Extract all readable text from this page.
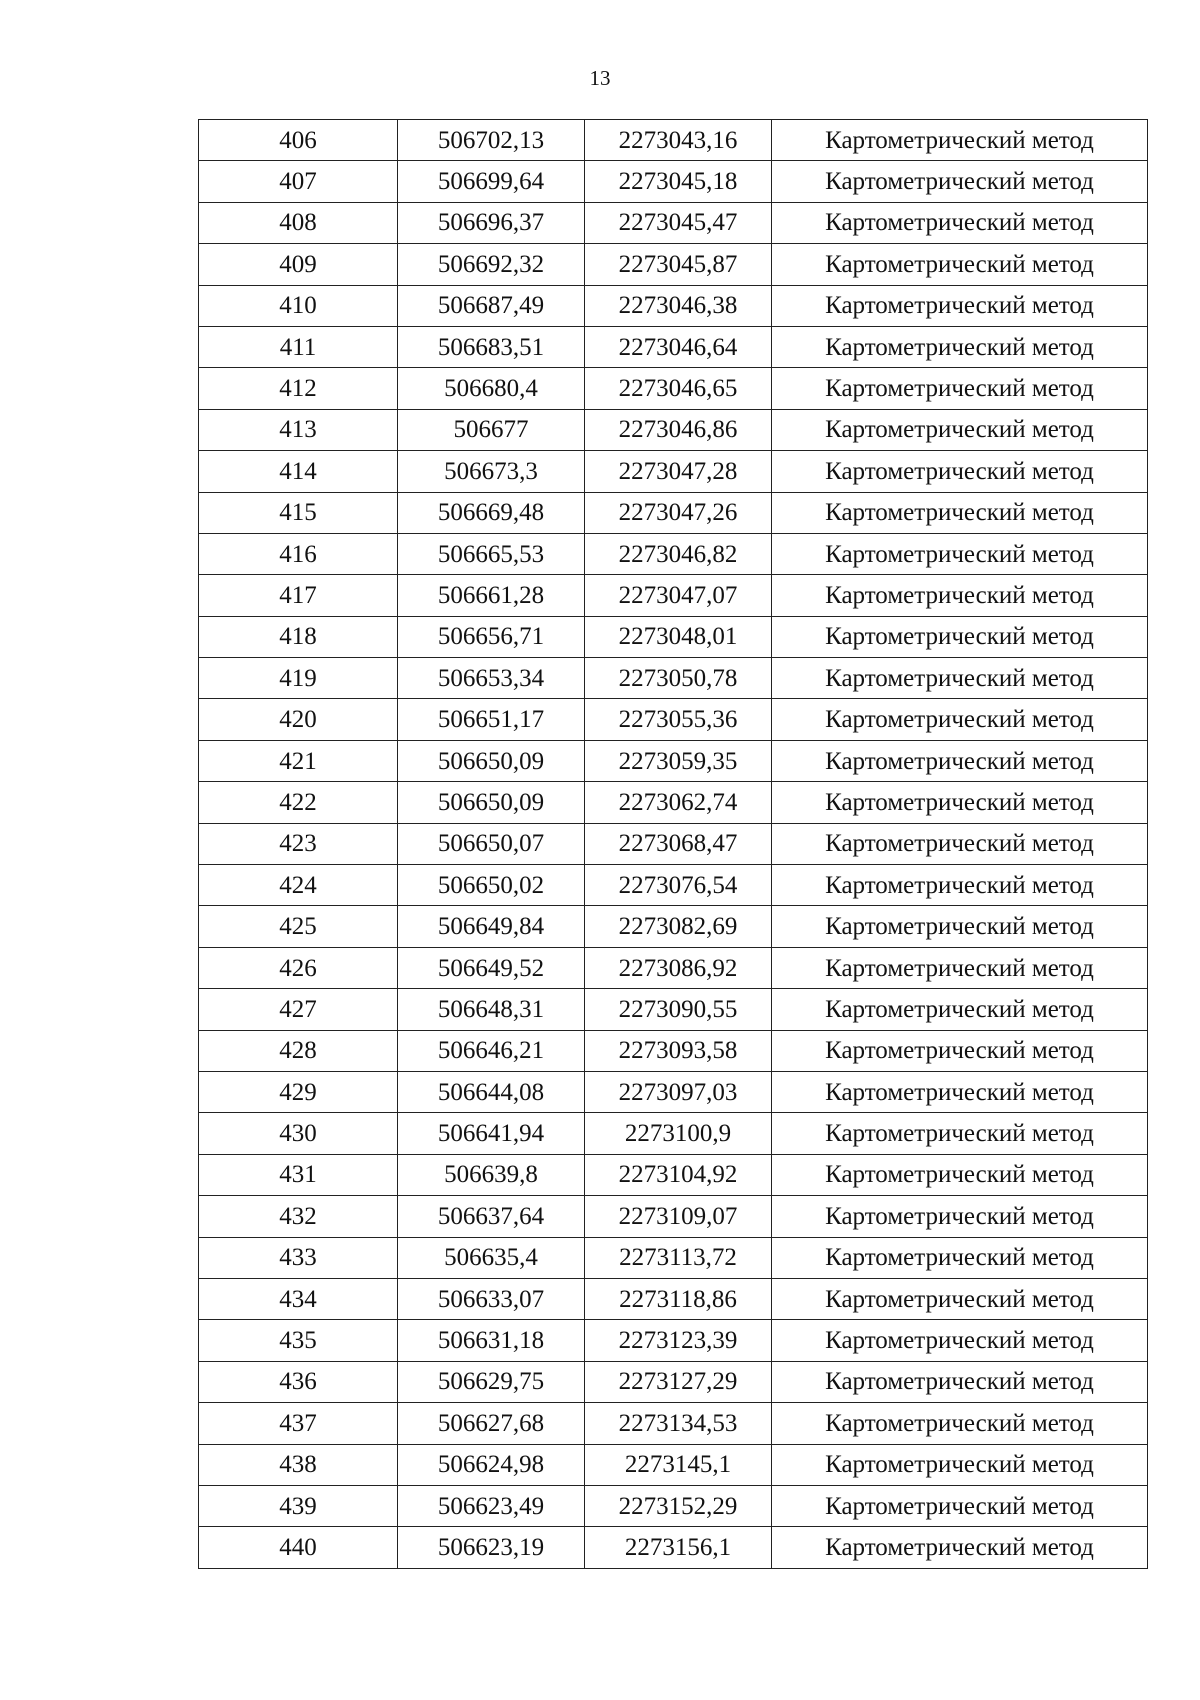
13
406	506702,13	2273043,16	Картометрический метод
407	506699,64	2273045,18	Картометрический метод
408	506696,37	2273045,47	Картометрический метод
409	506692,32	2273045,87	Картометрический метод
410	506687,49	2273046,38	Картометрический метод
411	506683,51	2273046,64	Картометрический метод
412	506680,4	2273046,65	Картометрический метод
413	506677	2273046,86	Картометрический метод
414	506673,3	2273047,28	Картометрический метод
415	506669,48	2273047,26	Картометрический метод
416	506665,53	2273046,82	Картометрический метод
417	506661,28	2273047,07	Картометрический метод
418	506656,71	2273048,01	Картометрический метод
419	506653,34	2273050,78	Картометрический метод
420	506651,17	2273055,36	Картометрический метод
421	506650,09	2273059,35	Картометрический метод
422	506650,09	2273062,74	Картометрический метод
423	506650,07	2273068,47	Картометрический метод
424	506650,02	2273076,54	Картометрический метод
425	506649,84	2273082,69	Картометрический метод
426	506649,52	2273086,92	Картометрический метод
427	506648,31	2273090,55	Картометрический метод
428	506646,21	2273093,58	Картометрический метод
429	506644,08	2273097,03	Картометрический метод
430	506641,94	2273100,9	Картометрический метод
431	506639,8	2273104,92	Картометрический метод
432	506637,64	2273109,07	Картометрический метод
433	506635,4	2273113,72	Картометрический метод
434	506633,07	2273118,86	Картометрический метод
435	506631,18	2273123,39	Картометрический метод
436	506629,75	2273127,29	Картометрический метод
437	506627,68	2273134,53	Картометрический метод
438	506624,98	2273145,1	Картометрический метод
439	506623,49	2273152,29	Картометрический метод
440	506623,19	2273156,1	Картометрический метод
